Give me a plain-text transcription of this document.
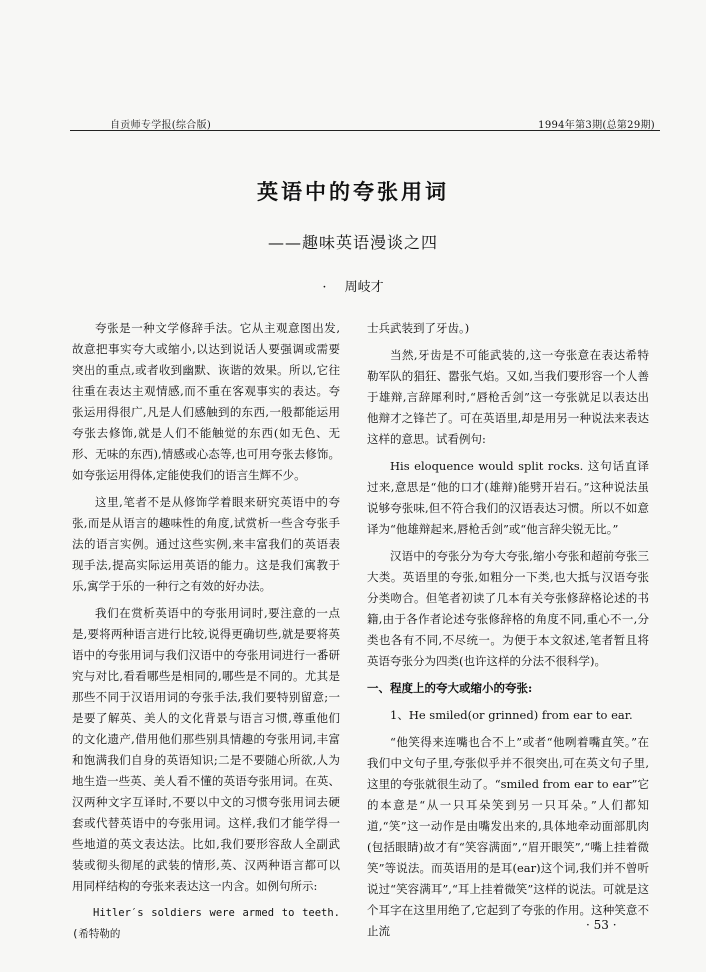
自贡师专学报(综合版)	1994年第3期(总第29期)
英语中的夸张用词
——趣味英语漫谈之四
· 周岐才

夸张是一种文学修辞手法。它从主观意图出发,故意把事实夸大或缩小,以达到说话人要强调或需要突出的重点,或者收到幽默、诙谐的效果。所以,它往往重在表达主观情感,而不重在客观事实的表达。夸张运用得很广,凡是人们感触到的东西,一般都能运用夸张去修饰,就是人们不能触觉的东西(如无色、无形、无味的东西),情感或心态等,也可用夸张去修饰。如夸张运用得体,定能使我们的语言生辉不少。

这里,笔者不是从修饰学着眼来研究英语中的夸张,而是从语言的趣味性的角度,试赏析一些含夸张手法的语言实例。通过这些实例,来丰富我们的英语表现手法,提高实际运用英语的能力。这是我们寓教于乐,寓学于乐的一种行之有效的好办法。

我们在赏析英语中的夸张用词时,要注意的一点是,要将两种语言进行比较,说得更确切些,就是要将英语中的夸张用词与我们汉语中的夸张用词进行一番研究与对比,看看哪些是相同的,哪些是不同的。尤其是那些不同于汉语用词的夸张手法,我们要特别留意;一是要了解英、美人的文化背景与语言习惯,尊重他们的文化遗产,借用他们那些别具情趣的夸张用词,丰富和饱满我们自身的英语知识;二是不要随心所欲,人为地生造一些英、美人看不懂的英语夸张用词。在英、汉两种文字互译时,不要以中文的习惯夸张用词去硬套或代替英语中的夸张用词。这样,我们才能学得一些地道的英文表达法。比如,我们要形容敌人全副武装或彻头彻尾的武装的情形,英、汉两种语言都可以用同样结构的夸张来表达这一内含。如例句所示:

Hitler′s soldiers were armed to teeth.(希特勒的

士兵武装到了牙齿。)

当然,牙齿是不可能武装的,这一夸张意在表达希特勒军队的猖狂、嚣张气焰。又如,当我们要形容一个人善于雄辩,言辞犀利时,“唇枪舌剑”这一夸张就足以表达出他辩才之锋芒了。可在英语里,却是用另一种说法来表达这样的意思。试看例句:

His eloquence would split rocks. 这句话直译过来,意思是“他的口才(雄辩)能劈开岩石。”这种说法虽说够夸张味,但不符合我们的汉语表达习惯。所以不如意译为“他雄辩起来,唇枪舌剑”或“他言辞尖锐无比。”

汉语中的夸张分为夸大夸张,缩小夸张和超前夸张三大类。英语里的夸张,如粗分一下类,也大抵与汉语夸张分类吻合。但笔者初读了几本有关夸张修辞格论述的书籍,由于各作者论述夸张修辞格的角度不同,重心不一,分类也各有不同,不尽统一。为便于本文叙述,笔者暂且将英语夸张分为四类(也许这样的分法不很科学)。

一、程度上的夸大或缩小的夸张:

1、He smiled(or grinned) from ear to ear.

“他笑得来连嘴也合不上”或者“他咧着嘴直笑。”在我们中文句子里,夸张似乎并不很突出,可在英文句子里,这里的夸张就很生动了。“smiled from ear to ear”它的本意是“从一只耳朵笑到另一只耳朵。”人们都知道,“笑”这一动作是由嘴发出来的,具体地牵动面部肌肉(包括眼睛)故才有“笑容满面”,“眉开眼笑”,“嘴上挂着微笑”等说法。而英语用的是耳(ear)这个词,我们并不曾听说过“笑容满耳”,“耳上挂着微笑”这样的说法。可就是这个耳字在这里用绝了,它起到了夸张的作用。这种笑意不止流	· 53 ·
